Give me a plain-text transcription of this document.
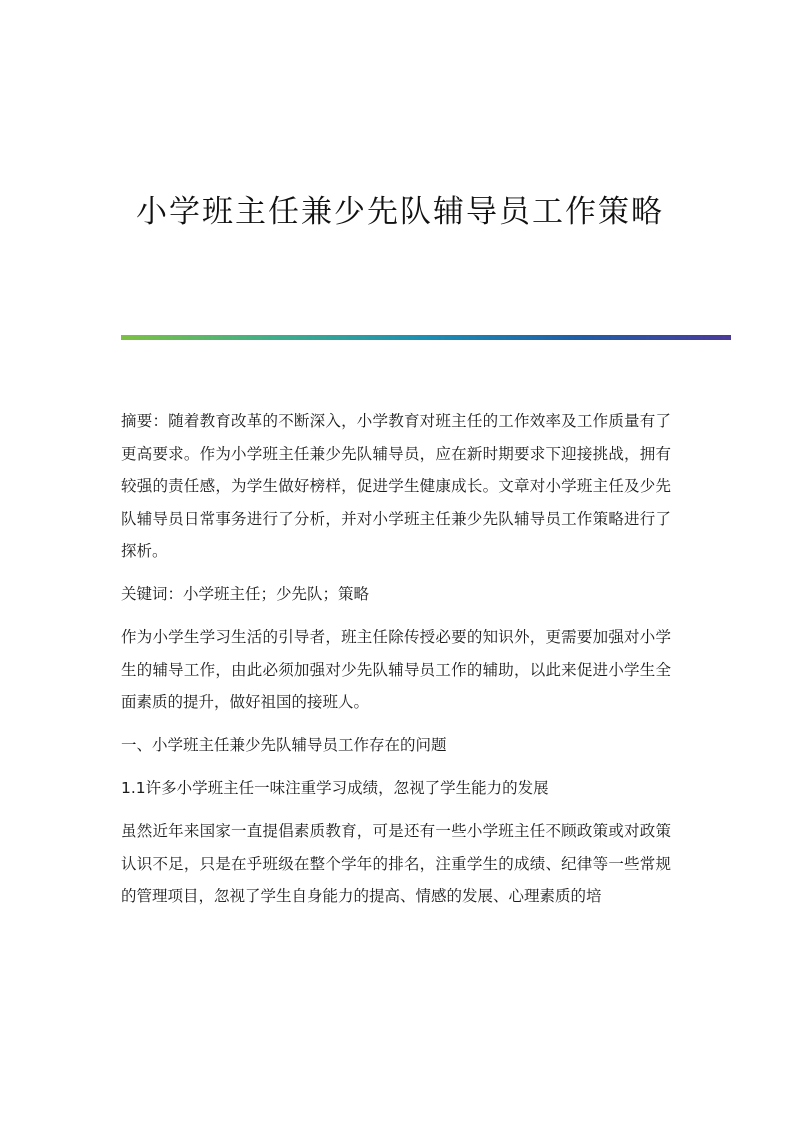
小学班主任兼少先队辅导员工作策略

摘要：随着教育改革的不断深入，小学教育对班主任的工作效率及工作质量有了更高要求。作为小学班主任兼少先队辅导员，应在新时期要求下迎接挑战，拥有较强的责任感，为学生做好榜样，促进学生健康成长。文章对小学班主任及少先队辅导员日常事务进行了分析，并对小学班主任兼少先队辅导员工作策略进行了探析。

关键词：小学班主任；少先队；策略

作为小学生学习生活的引导者，班主任除传授必要的知识外，更需要加强对小学生的辅导工作，由此必须加强对少先队辅导员工作的辅助，以此来促进小学生全面素质的提升，做好祖国的接班人。

一、小学班主任兼少先队辅导员工作存在的问题

1.1许多小学班主任一味注重学习成绩，忽视了学生能力的发展

虽然近年来国家一直提倡素质教育，可是还有一些小学班主任不顾政策或对政策认识不足，只是在乎班级在整个学年的排名，注重学生的成绩、纪律等一些常规的管理项目，忽视了学生自身能力的提高、情感的发展、心理素质的培
